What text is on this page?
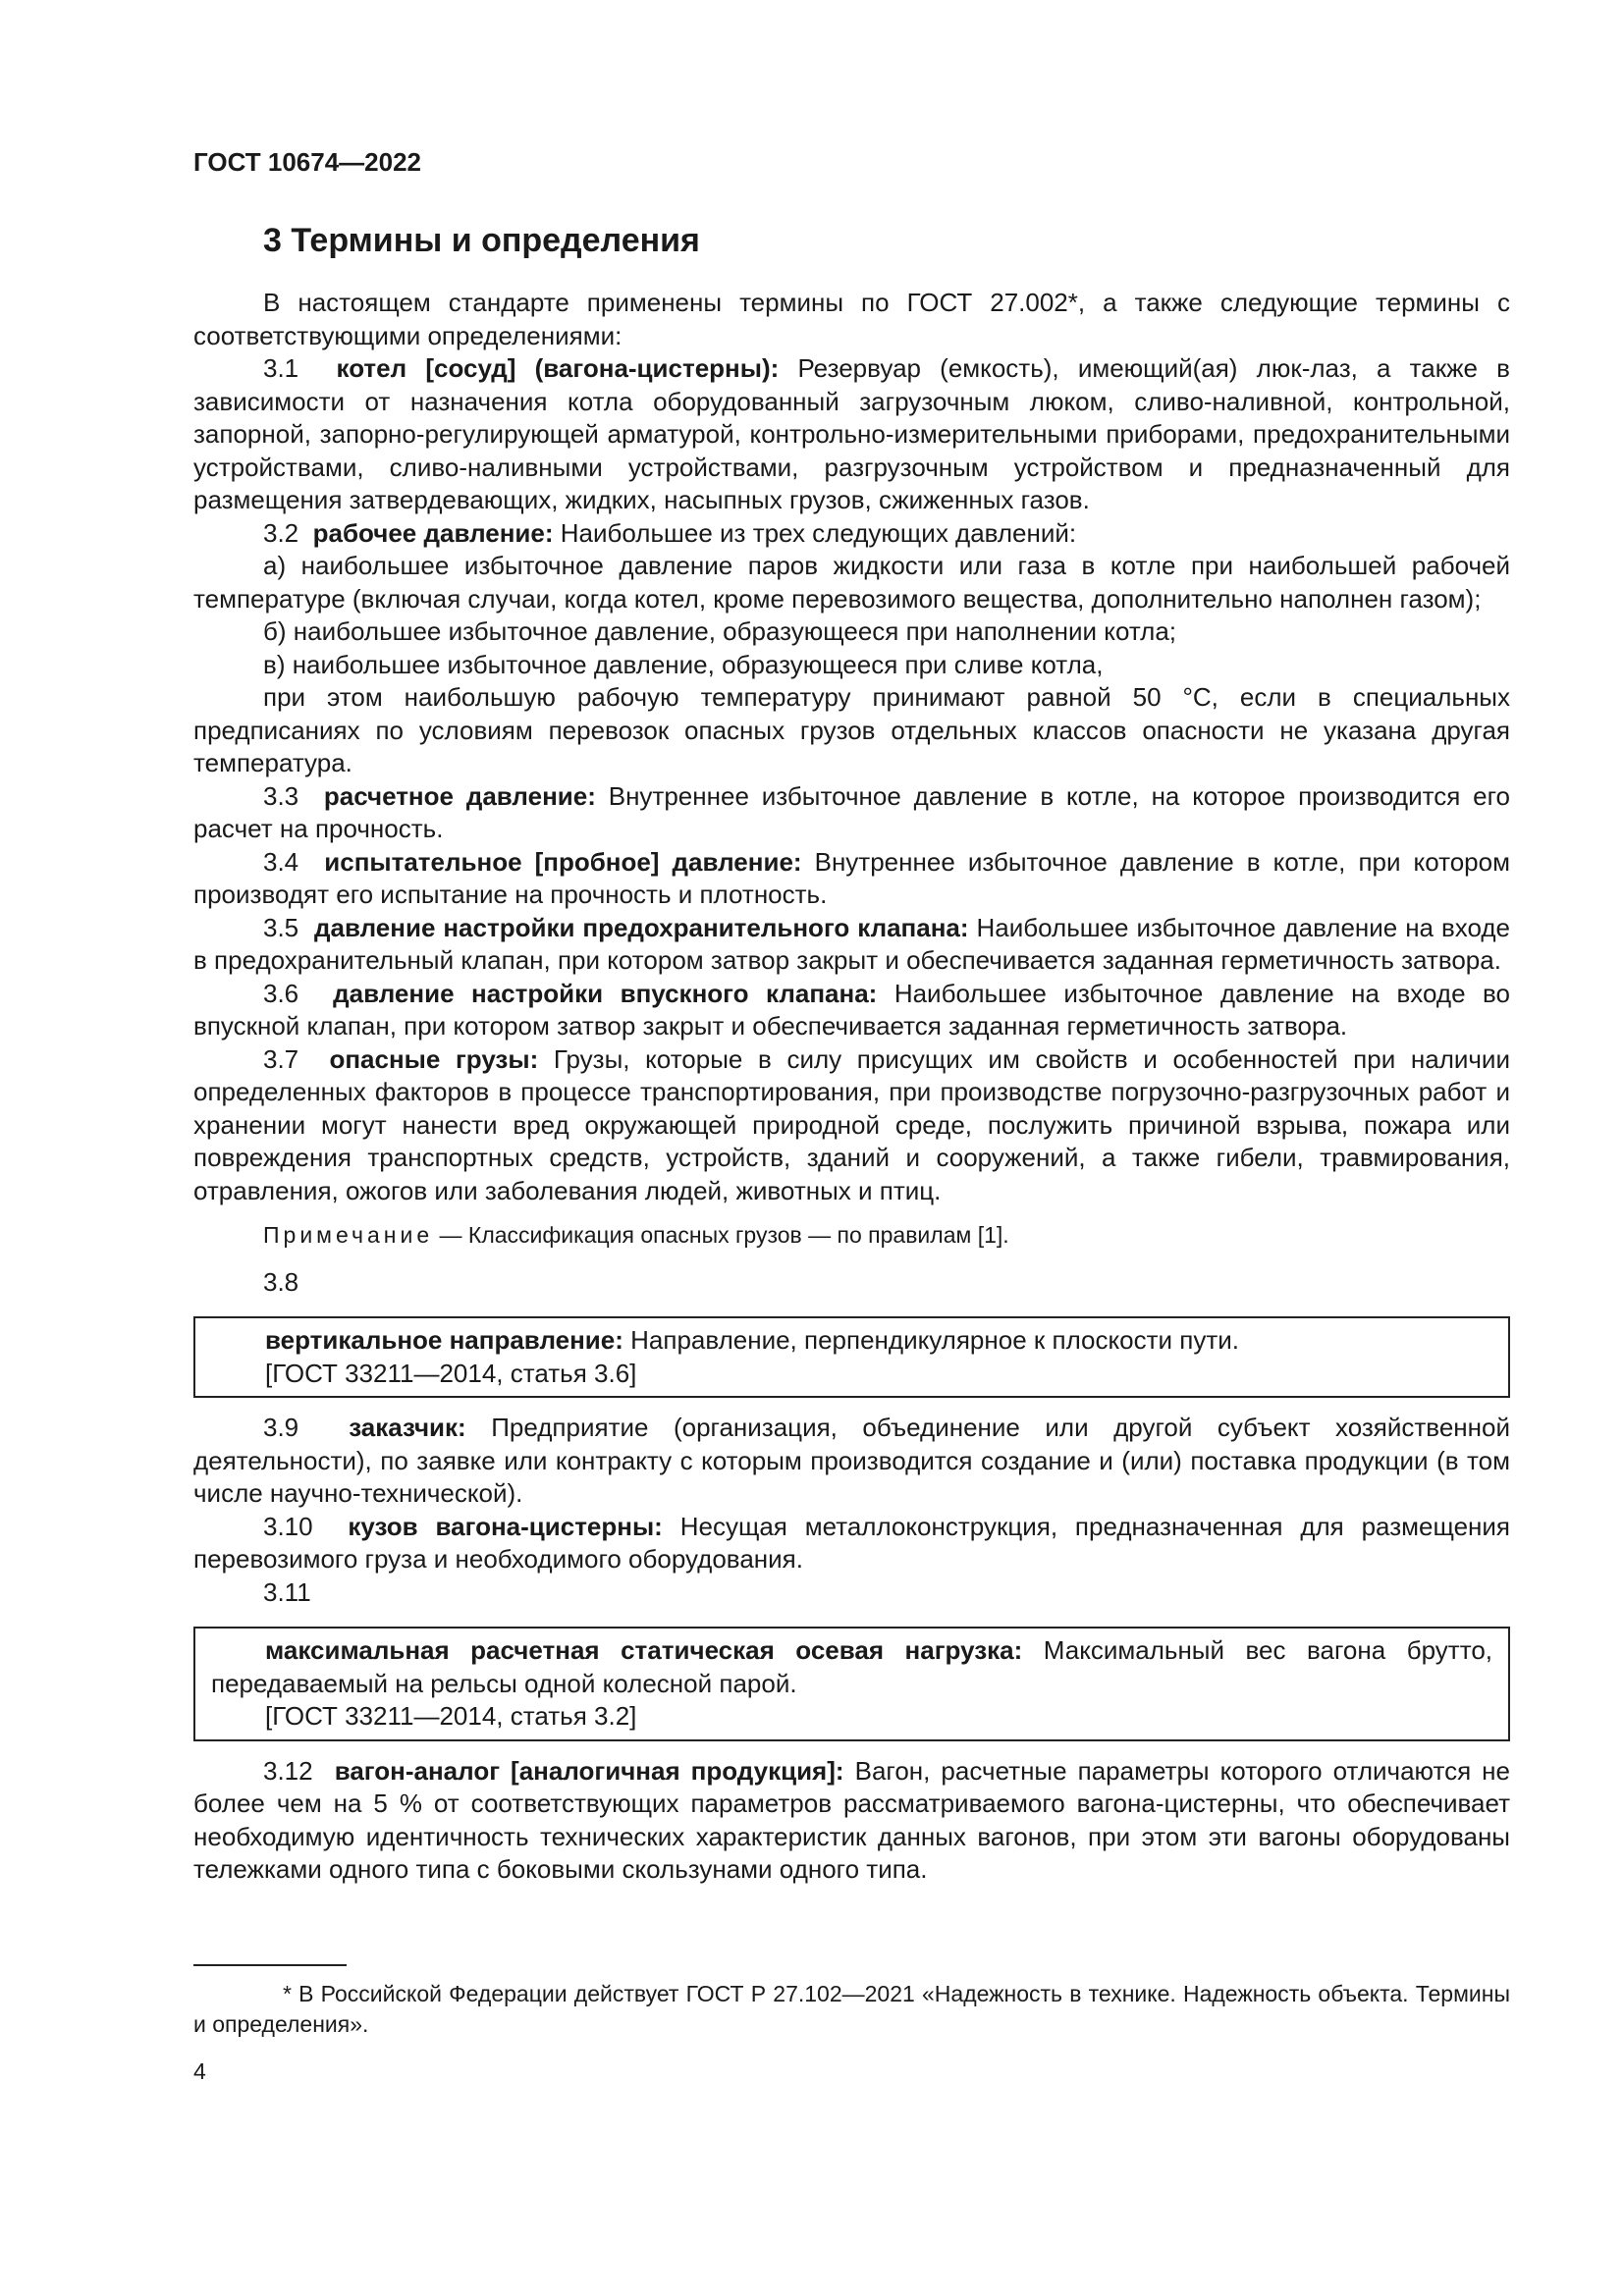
ГОСТ 10674—2022
3 Термины и определения

В настоящем стандарте применены термины по ГОСТ 27.002*, а также следующие термины с соответствующими определениями:

3.1 котел [сосуд] (вагона-цистерны): Резервуар (емкость), имеющий(ая) люк-лаз, а также в зависимости от назначения котла оборудованный загрузочным люком, сливо-наливной, контрольной, запорной, запорно-регулирующей арматурой, контрольно-измерительными приборами, предохранительными устройствами, сливо-наливными устройствами, разгрузочным устройством и предназначенный для размещения затвердевающих, жидких, насыпных грузов, сжиженных газов.

3.2 рабочее давление: Наибольшее из трех следующих давлений:

а) наибольшее избыточное давление паров жидкости или газа в котле при наибольшей рабочей температуре (включая случаи, когда котел, кроме перевозимого вещества, дополнительно наполнен газом);

б) наибольшее избыточное давление, образующееся при наполнении котла;

в) наибольшее избыточное давление, образующееся при сливе котла,

при этом наибольшую рабочую температуру принимают равной 50 °С, если в специальных предписаниях по условиям перевозок опасных грузов отдельных классов опасности не указана другая температура.

3.3 расчетное давление: Внутреннее избыточное давление в котле, на которое производится его расчет на прочность.

3.4 испытательное [пробное] давление: Внутреннее избыточное давление в котле, при котором производят его испытание на прочность и плотность.

3.5 давление настройки предохранительного клапана: Наибольшее избыточное давление на входе в предохранительный клапан, при котором затвор закрыт и обеспечивается заданная герметичность затвора.

3.6 давление настройки впускного клапана: Наибольшее избыточное давление на входе во впускной клапан, при котором затвор закрыт и обеспечивается заданная герметичность затвора.

3.7 опасные грузы: Грузы, которые в силу присущих им свойств и особенностей при наличии определенных факторов в процессе транспортирования, при производстве погрузочно-разгрузочных работ и хранении могут нанести вред окружающей природной среде, послужить причиной взрыва, пожара или повреждения транспортных средств, устройств, зданий и сооружений, а также гибели, травмирования, отравления, ожогов или заболевания людей, животных и птиц.

Примечание — Классификация опасных грузов — по правилам [1].

3.8

вертикальное направление: Направление, перпендикулярное к плоскости пути.

[ГОСТ 33211—2014, статья 3.6]

3.9 заказчик: Предприятие (организация, объединение или другой субъект хозяйственной деятельности), по заявке или контракту с которым производится создание и (или) поставка продукции (в том числе научно-технической).

3.10 кузов вагона-цистерны: Несущая металлоконструкция, предназначенная для размещения перевозимого груза и необходимого оборудования.

3.11

максимальная расчетная статическая осевая нагрузка: Максимальный вес вагона брутто, передаваемый на рельсы одной колесной парой.

[ГОСТ 33211—2014, статья 3.2]

3.12 вагон-аналог [аналогичная продукция]: Вагон, расчетные параметры которого отличаются не более чем на 5 % от соответствующих параметров рассматриваемого вагона-цистерны, что обеспечивает необходимую идентичность технических характеристик данных вагонов, при этом эти вагоны оборудованы тележками одного типа с боковыми скользунами одного типа.

* В Российской Федерации действует ГОСТ Р 27.102—2021 «Надежность в технике. Надежность объекта. Термины и определения».
4
